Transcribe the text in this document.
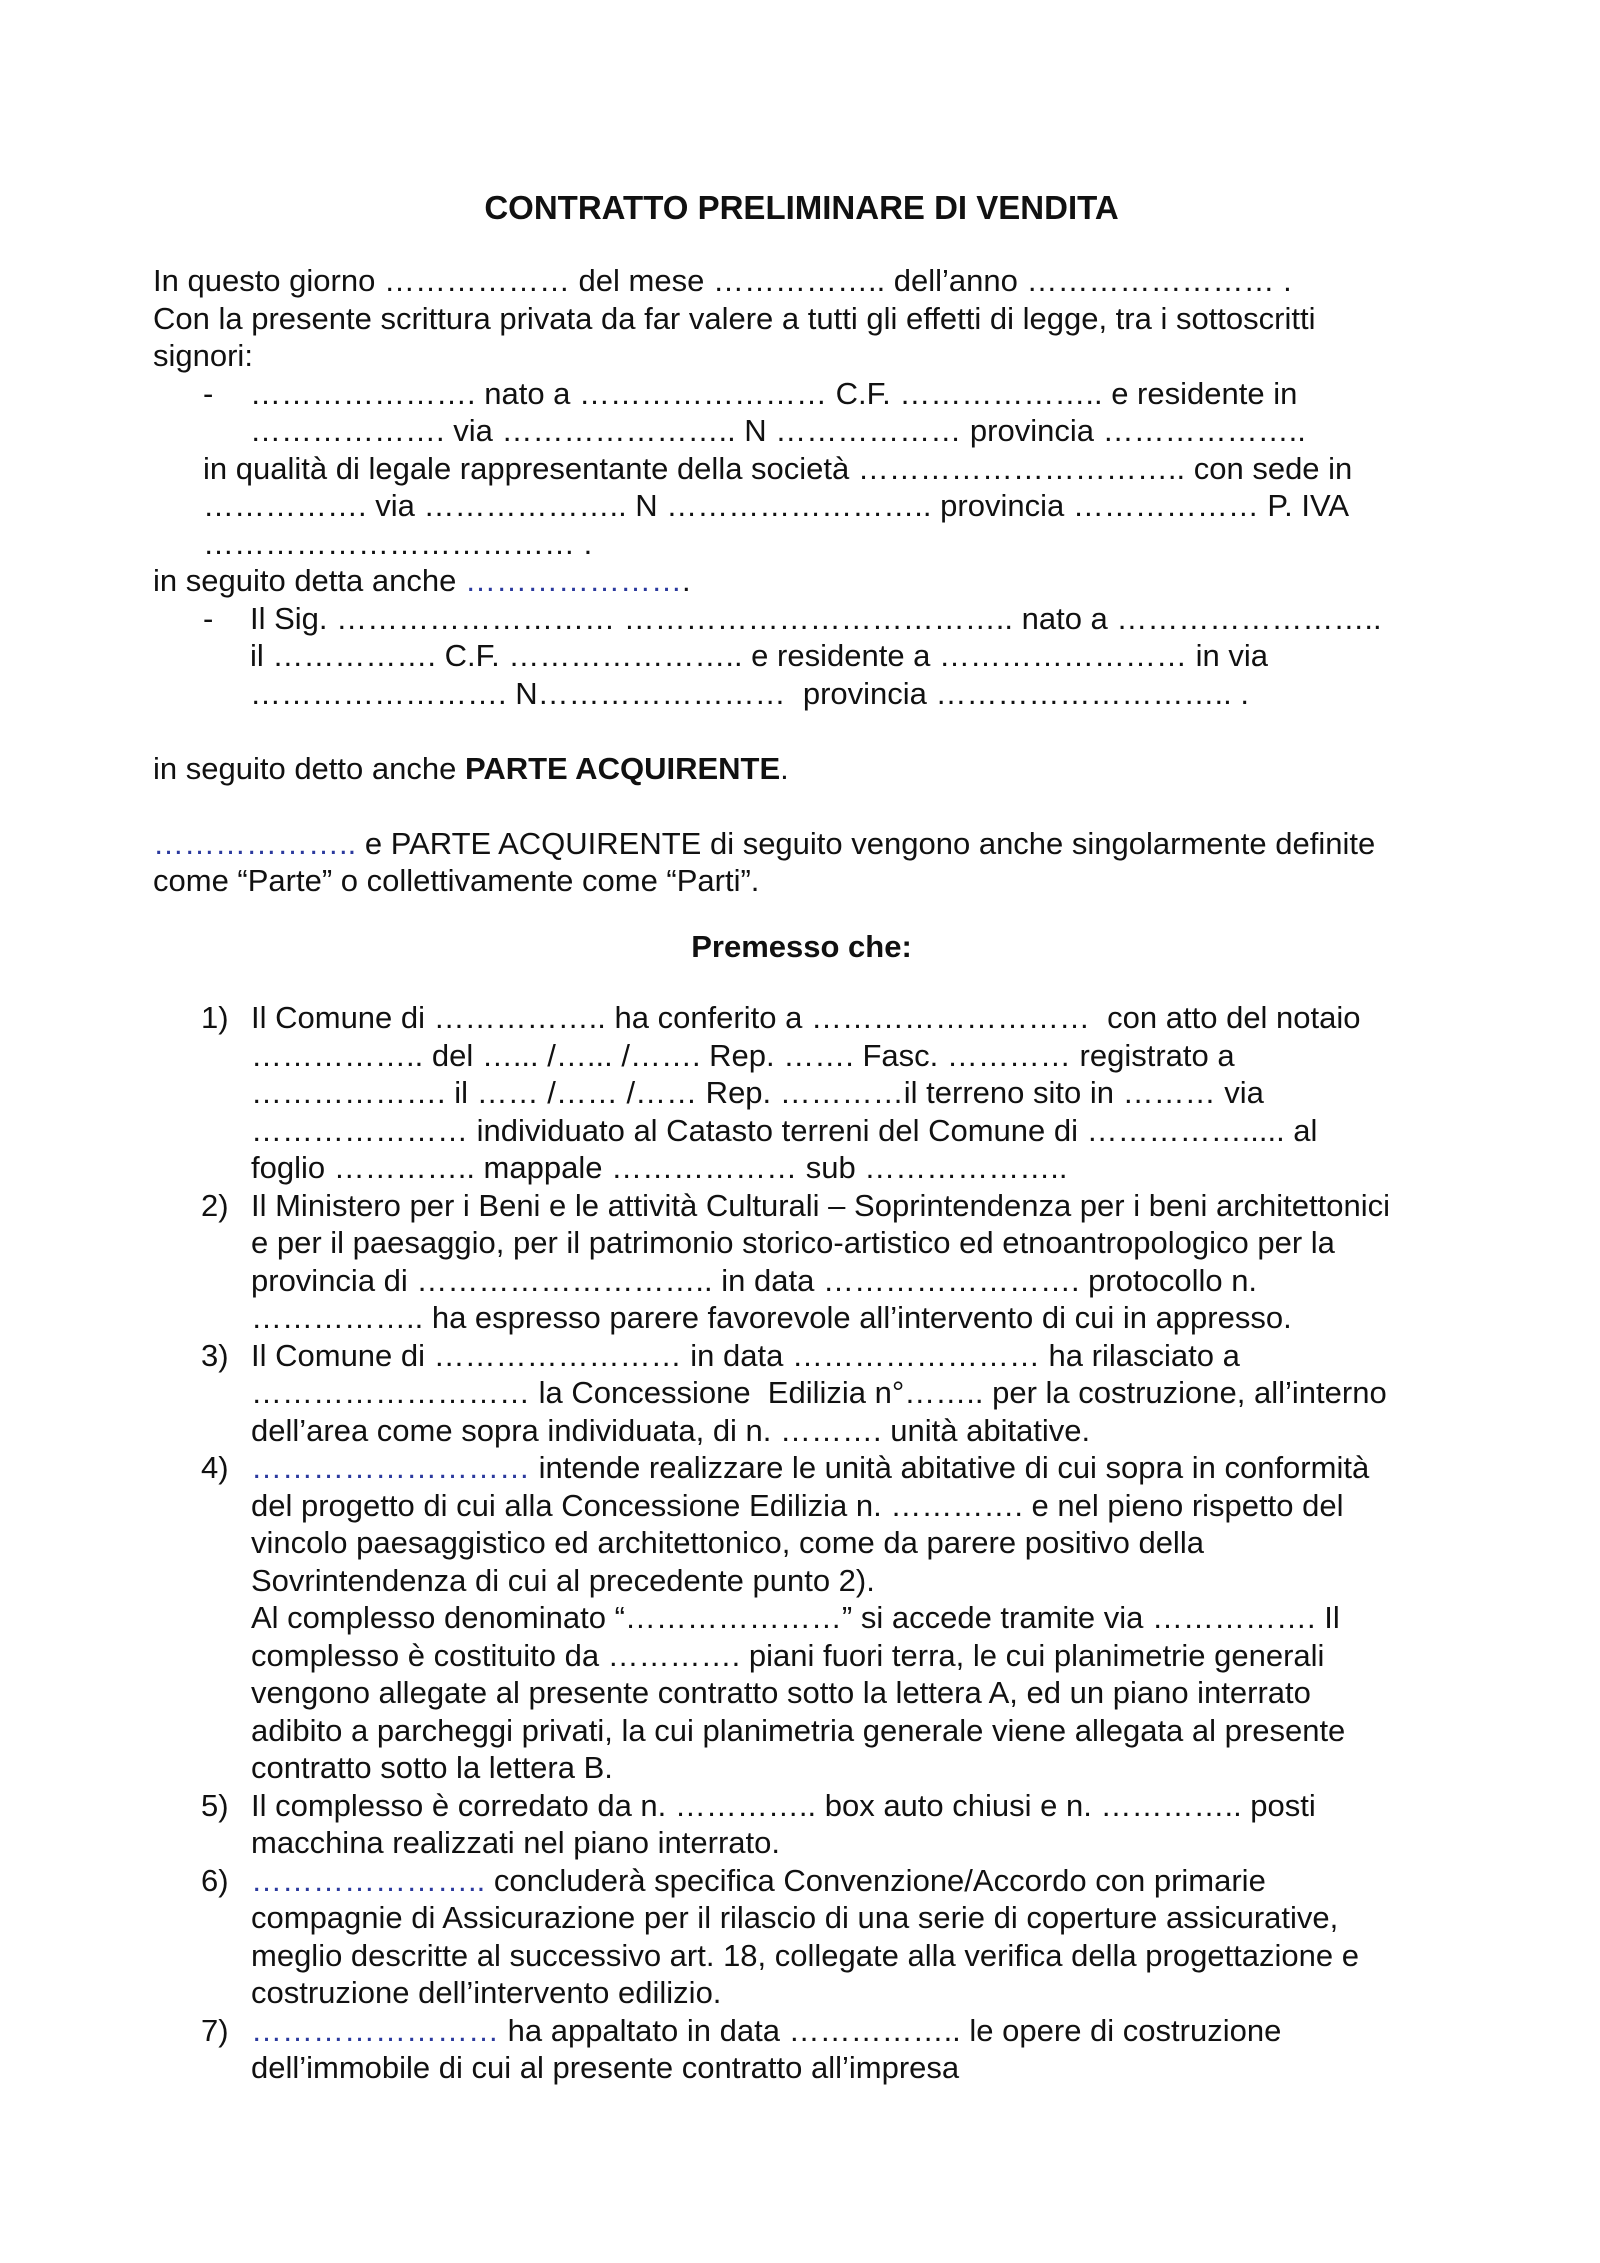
CONTRATTO PRELIMINARE DI VENDITA

In questo giorno ……………… del mese …………….. dell’anno …………………… .

Con la presente scrittura privata da far valere a tutti gli effetti di legge, tra i sottoscritti

signori:

-	…………………. nato a …………………… C.F. ……………….. e residente in

………………. via ………………….. N ……………… provincia ………………..

in qualità di legale rappresentante della società ………………………….. con sede in

……………. via ……………….. N …………………….. provincia ……………… P. IVA

……………………………… .

in seguito detta anche ………………….

-	Il Sig. ……………………… ……………………………….. nato a ……………………..

il ……………. C.F. ………………….. e residente a …………………… in via

……………………. N……………………  provincia ……………………….. .

in seguito detto anche PARTE ACQUIRENTE.

……………….. e PARTE ACQUIRENTE di seguito vengono anche singolarmente definite

come “Parte” o collettivamente come “Parti”.

Premesso che:
1) Il Comune di …………….. ha conferito a ………………………  con atto del notaio

…………….. del …... /…... /……. Rep. ……. Fasc. ………… registrato a

………………. il …… /…… /…… Rep. …………il terreno sito in ……… via

………………… individuato al Catasto terreni del Comune di ……………..... al

foglio ………….. mappale ……………… sub ………………..

2) Il Ministero per i Beni e le attività Culturali – Soprintendenza per i beni architettonici

e per il paesaggio, per il patrimonio storico-artistico ed etnoantropologico per la

provincia di ……………………….. in data ……………………. protocollo n.

…………….. ha espresso parere favorevole all’intervento di cui in appresso.

3) Il Comune di …………………… in data …………………… ha rilasciato a

……………………… la Concessione  Edilizia n°…….. per la costruzione, all’interno

dell’area come sopra individuata, di n. ………. unità abitative.

4) ……………………… intende realizzare le unità abitative di cui sopra in conformità

del progetto di cui alla Concessione Edilizia n. …………. e nel pieno rispetto del

vincolo paesaggistico ed architettonico, come da parere positivo della

Sovrintendenza di cui al precedente punto 2).

Al complesso denominato “…………………” si accede tramite via ……………. Il

complesso è costituito da …………. piani fuori terra, le cui planimetrie generali

vengono allegate al presente contratto sotto la lettera A, ed un piano interrato

adibito a parcheggi privati, la cui planimetria generale viene allegata al presente

contratto sotto la lettera B.

5) Il complesso è corredato da n. ………….. box auto chiusi e n. ………….. posti

macchina realizzati nel piano interrato.

6) ………………….. concluderà specifica Convenzione/Accordo con primarie

compagnie di Assicurazione per il rilascio di una serie di coperture assicurative,

meglio descritte al successivo art. 18, collegate alla verifica della progettazione e

costruzione dell’intervento edilizio.

7) …………………… ha appaltato in data …………….. le opere di costruzione

dell’immobile di cui al presente contratto all’impresa
